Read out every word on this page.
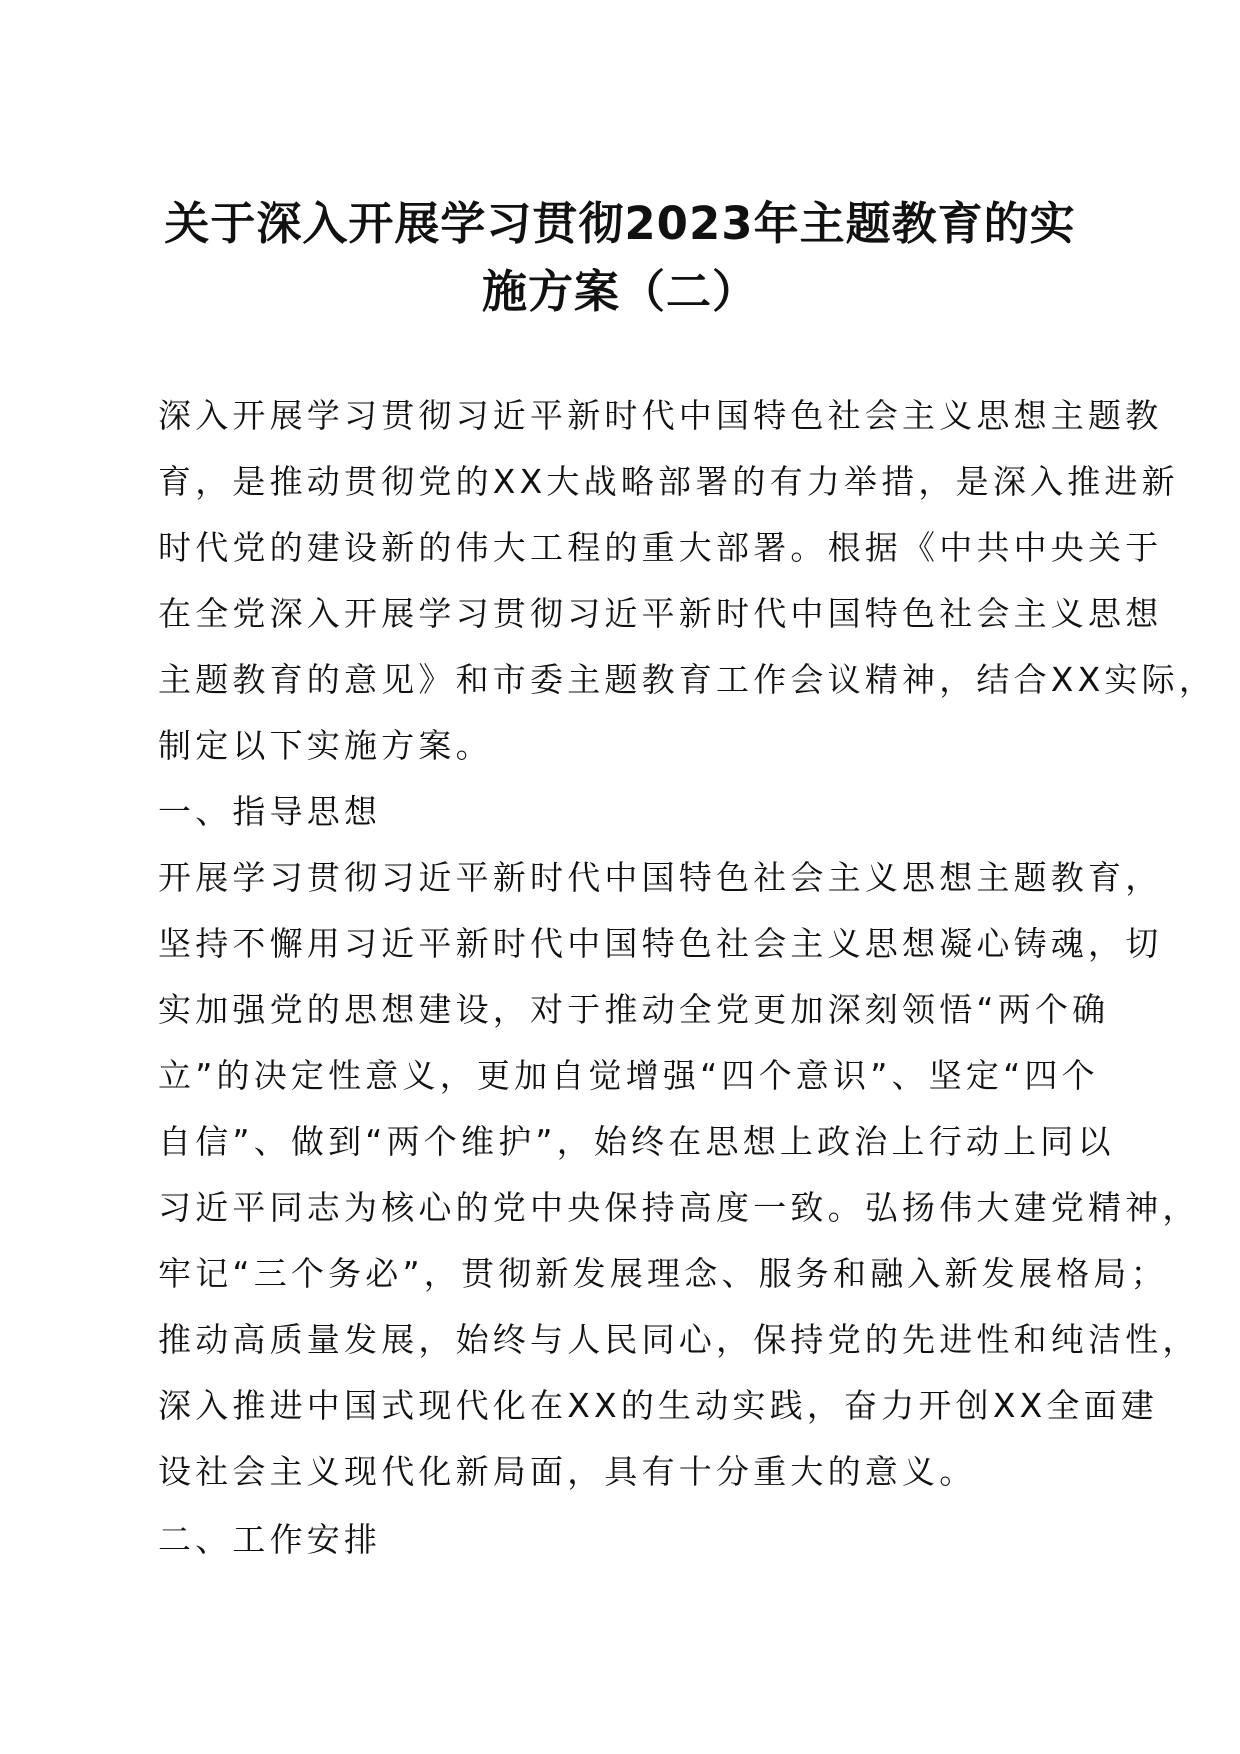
关于深入开展学习贯彻2023年主题教育的实
施方案（二）

深入开展学习贯彻习近平新时代中国特色社会主义思想主题教

育，是推动贯彻党的XX大战略部署的有力举措，是深入推进新

时代党的建设新的伟大工程的重大部署。根据《中共中央关于

在全党深入开展学习贯彻习近平新时代中国特色社会主义思想

主题教育的意见》和市委主题教育工作会议精神，结合XX实际，

制定以下实施方案。

一、指导思想

开展学习贯彻习近平新时代中国特色社会主义思想主题教育，

坚持不懈用习近平新时代中国特色社会主义思想凝心铸魂，切

实加强党的思想建设，对于推动全党更加深刻领悟“两个确

立”的决定性意义，更加自觉增强“四个意识”、坚定“四个

自信”、做到“两个维护”，始终在思想上政治上行动上同以

习近平同志为核心的党中央保持高度一致。弘扬伟大建党精神，

牢记“三个务必”，贯彻新发展理念、服务和融入新发展格局；

推动高质量发展，始终与人民同心，保持党的先进性和纯洁性，

深入推进中国式现代化在XX的生动实践，奋力开创XX全面建

设社会主义现代化新局面，具有十分重大的意义。

二、工作安排
